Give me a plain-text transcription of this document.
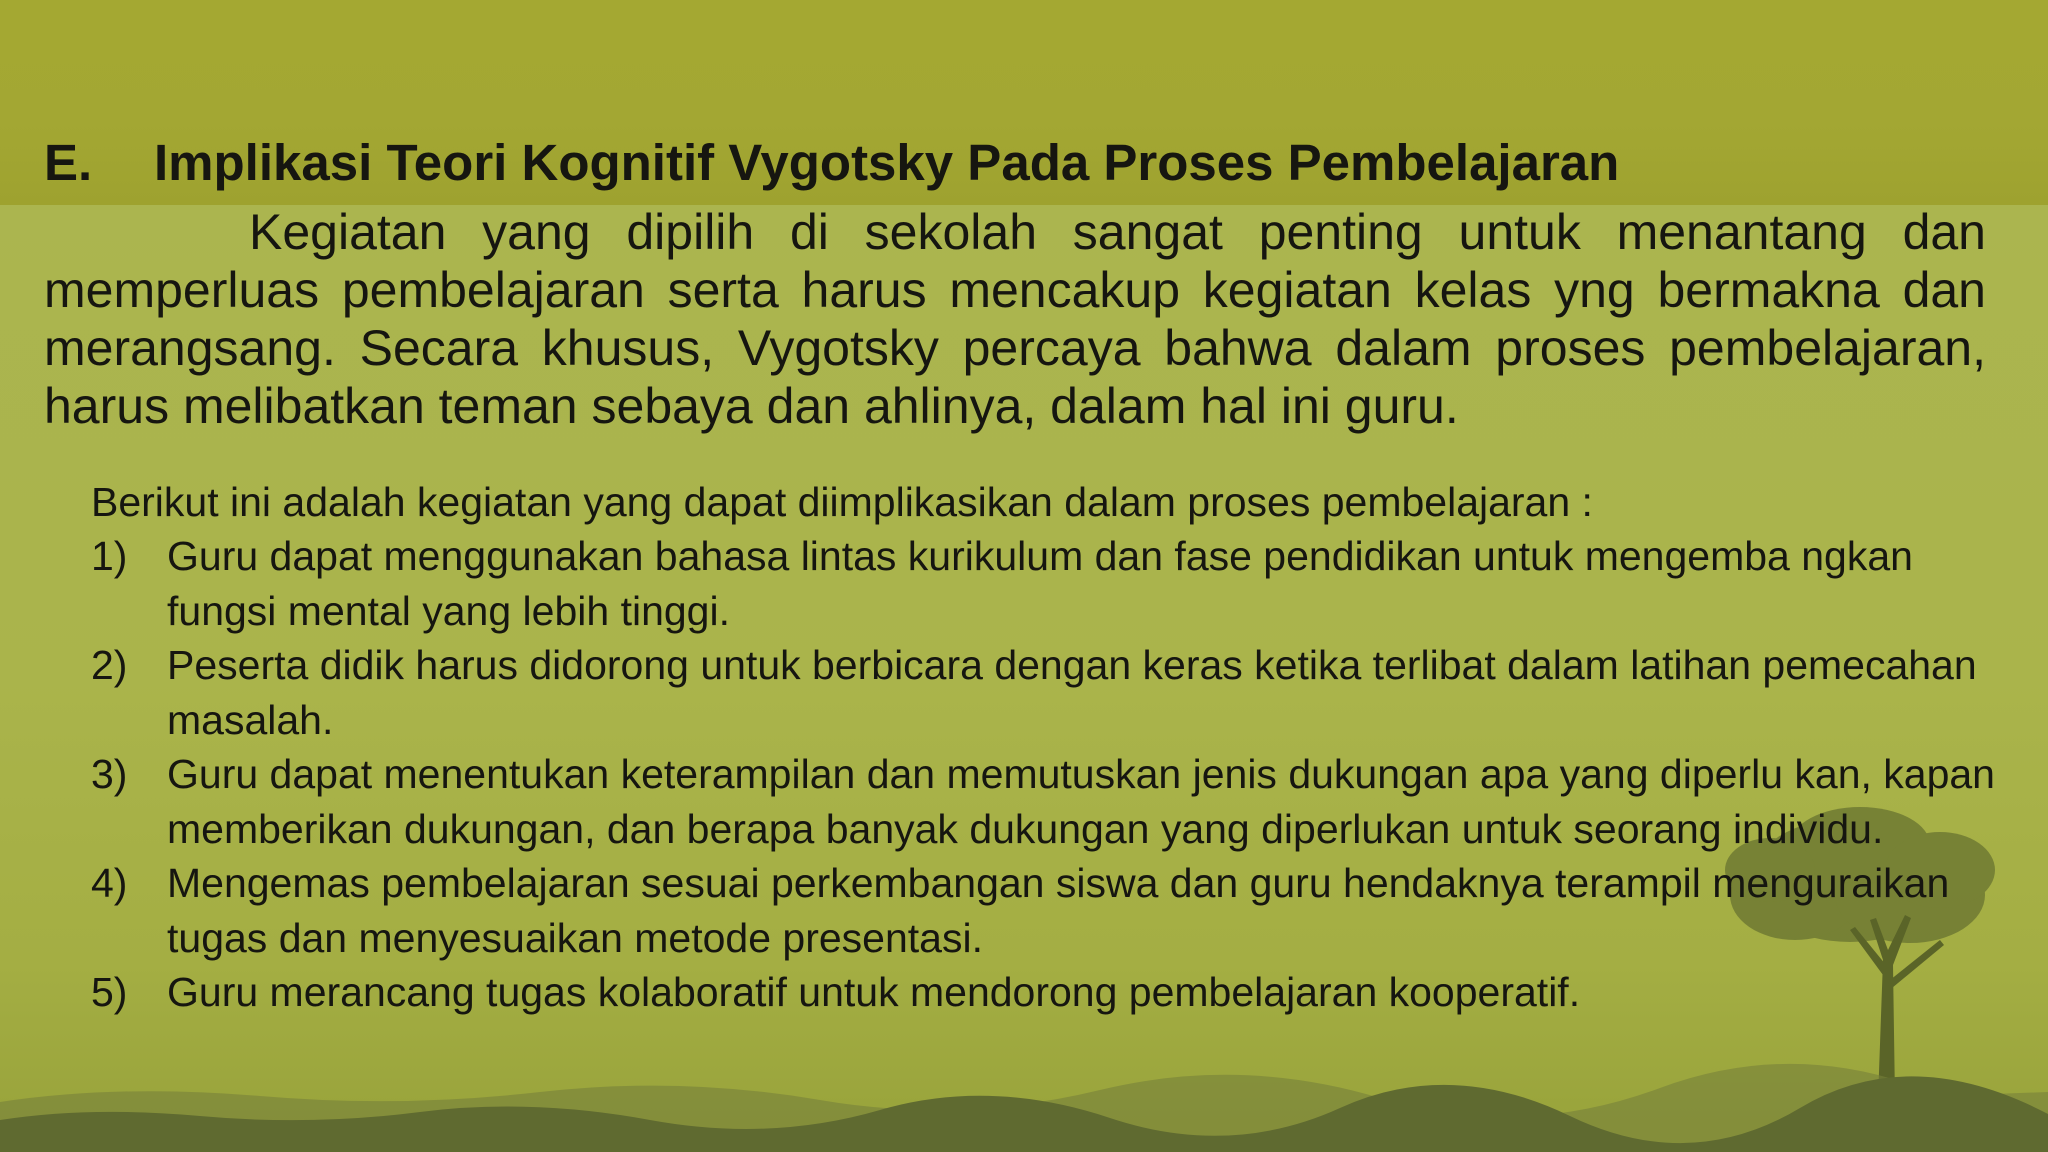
E. Implikasi Teori Kognitif Vygotsky Pada Proses Pembelajaran

Kegiatan yang dipilih di sekolah sangat penting untuk menantang dan memperluas pembelajaran serta harus mencakup kegiatan kelas yng bermakna dan merangsang. Secara khusus, Vygotsky percaya bahwa dalam proses pembelajaran, harus melibatkan teman sebaya dan ahlinya, dalam hal ini guru.

Berikut ini adalah kegiatan yang dapat diimplikasikan dalam proses pembelajaran :
1) Guru dapat menggunakan bahasa lintas kurikulum dan fase pendidikan untuk mengemba ngkan fungsi mental yang lebih tinggi.
2) Peserta didik harus didorong untuk berbicara dengan keras ketika terlibat dalam latihan pemecahan masalah.
3) Guru dapat menentukan keterampilan dan memutuskan jenis dukungan apa yang diperlu kan, kapan memberikan dukungan, dan berapa banyak dukungan yang diperlukan untuk seorang individu.
4) Mengemas pembelajaran sesuai perkembangan siswa dan guru hendaknya terampil menguraikan tugas dan menyesuaikan metode presentasi.
5) Guru merancang tugas kolaboratif untuk mendorong pembelajaran kooperatif.
